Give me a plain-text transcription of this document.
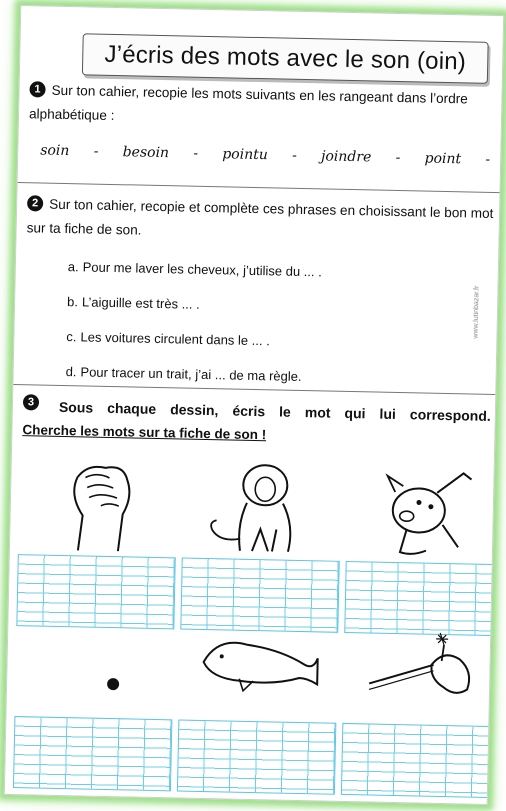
J’écris des mots avec le son (oin)
1 Sur ton cahier, recopie les mots suivants en les rangeant dans l’ordre alphabétique :
soin - besoin - pointu - joindre - point -
2 Sur ton cahier, recopie et complète ces phrases en choisissant le bon mot sur ta fiche de son.
a. Pour me laver les cheveux, j’utilise du ... .
b. L’aiguille est très ... .
c. Les voitures circulent dans le ... .
d. Pour tracer un trait, j’ai ... de ma règle.
www.lutinbazar.fr
3	Sous chaque dessin, écris le mot qui lui correspond.
Cherche les mots sur ta fiche de son !
